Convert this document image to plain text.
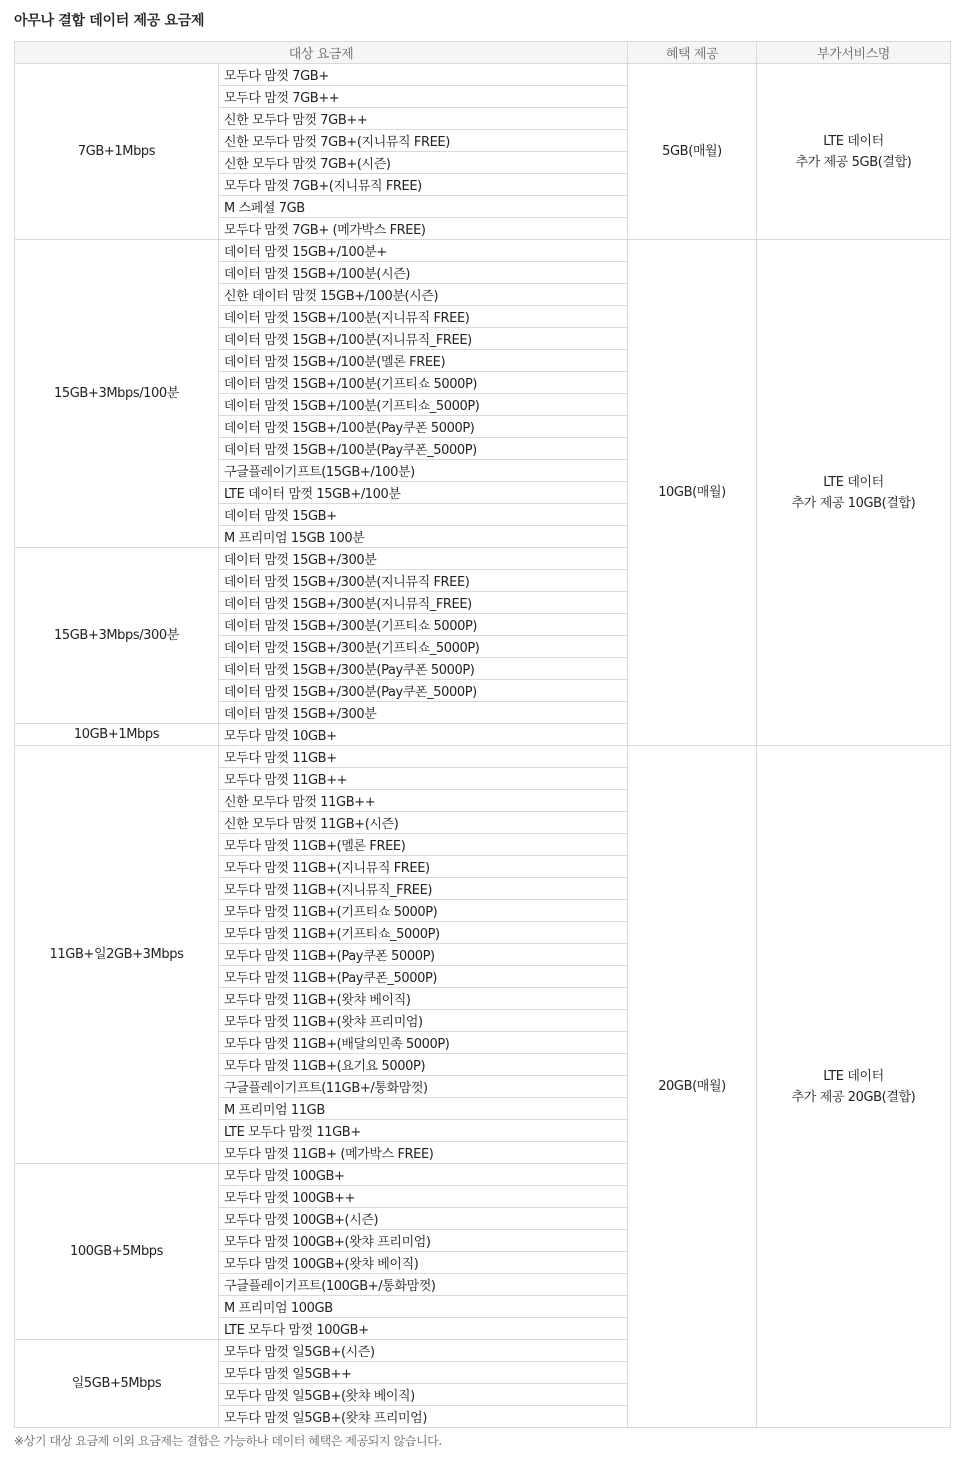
아무나 결합 데이터 제공 요금제
대상 요금제		혜택 제공	부가서비스명
7GB+1Mbps	모두다 맘껏 7GB+	5GB(매월)	LTE 데이터
추가 제공 5GB(결합)

	모두다 맘껏 7GB++		
	신한 모두다 맘껏 7GB++		
	신한 모두다 맘껏 7GB+(지니뮤직 FREE)		
	신한 모두다 맘껏 7GB+(시즌)		
	모두다 맘껏 7GB+(지니뮤직 FREE)		
	M 스페셜 7GB		
	모두다 맘껏 7GB+ (메가박스 FREE)		
15GB+3Mbps/100분	데이터 맘껏 15GB+/100분+	10GB(매월)	LTE 데이터
추가 제공 10GB(결합)

	데이터 맘껏 15GB+/100분(시즌)		
	신한 데이터 맘껏 15GB+/100분(시즌)		
	데이터 맘껏 15GB+/100분(지니뮤직 FREE)		
	데이터 맘껏 15GB+/100분(지니뮤직_FREE)		
	데이터 맘껏 15GB+/100분(멜론 FREE)		
	데이터 맘껏 15GB+/100분(기프티쇼 5000P)		
	데이터 맘껏 15GB+/100분(기프티쇼_5000P)		
	데이터 맘껏 15GB+/100분(Pay쿠폰 5000P)		
	데이터 맘껏 15GB+/100분(Pay쿠폰_5000P)		
	구글플레이기프트(15GB+/100분)		
	LTE 데이터 맘껏 15GB+/100분		
	데이터 맘껏 15GB+		
	M 프리미엄 15GB 100분		
15GB+3Mbps/300분	데이터 맘껏 15GB+/300분		
	데이터 맘껏 15GB+/300분(지니뮤직 FREE)		
	데이터 맘껏 15GB+/300분(지니뮤직_FREE)		
	데이터 맘껏 15GB+/300분(기프티쇼 5000P)		
	데이터 맘껏 15GB+/300분(기프티쇼_5000P)		
	데이터 맘껏 15GB+/300분(Pay쿠폰 5000P)		
	데이터 맘껏 15GB+/300분(Pay쿠폰_5000P)		
	데이터 맘껏 15GB+/300분		
10GB+1Mbps	모두다 맘껏 10GB+		
11GB+일2GB+3Mbps	모두다 맘껏 11GB+	20GB(매월)	LTE 데이터
추가 제공 20GB(결합)

	모두다 맘껏 11GB++		
	신한 모두다 맘껏 11GB++		
	신한 모두다 맘껏 11GB+(시즌)		
	모두다 맘껏 11GB+(멜론 FREE)		
	모두다 맘껏 11GB+(지니뮤직 FREE)		
	모두다 맘껏 11GB+(지니뮤직_FREE)		
	모두다 맘껏 11GB+(기프티쇼 5000P)		
	모두다 맘껏 11GB+(기프티쇼_5000P)		
	모두다 맘껏 11GB+(Pay쿠폰 5000P)		
	모두다 맘껏 11GB+(Pay쿠폰_5000P)		
	모두다 맘껏 11GB+(왓챠 베이직)		
	모두다 맘껏 11GB+(왓챠 프리미엄)		
	모두다 맘껏 11GB+(배달의민족 5000P)		
	모두다 맘껏 11GB+(요기요 5000P)		
	구글플레이기프트(11GB+/통화맘껏)		
	M 프리미엄 11GB		
	LTE 모두다 맘껏 11GB+		
	모두다 맘껏 11GB+ (메가박스 FREE)		
100GB+5Mbps	모두다 맘껏 100GB+		
	모두다 맘껏 100GB++		
	모두다 맘껏 100GB+(시즌)		
	모두다 맘껏 100GB+(왓챠 프리미엄)		
	모두다 맘껏 100GB+(왓챠 베이직)		
	구글플레이기프트(100GB+/통화맘껏)		
	M 프리미엄 100GB		
	LTE 모두다 맘껏 100GB+		
일5GB+5Mbps	모두다 맘껏 일5GB+(시즌)		
	모두다 맘껏 일5GB++		
	모두다 맘껏 일5GB+(왓챠 베이직)		
	모두다 맘껏 일5GB+(왓챠 프리미엄)		
※상기 대상 요금제 이외 요금제는 결합은 가능하나 데이터 혜택은 제공되지 않습니다.
